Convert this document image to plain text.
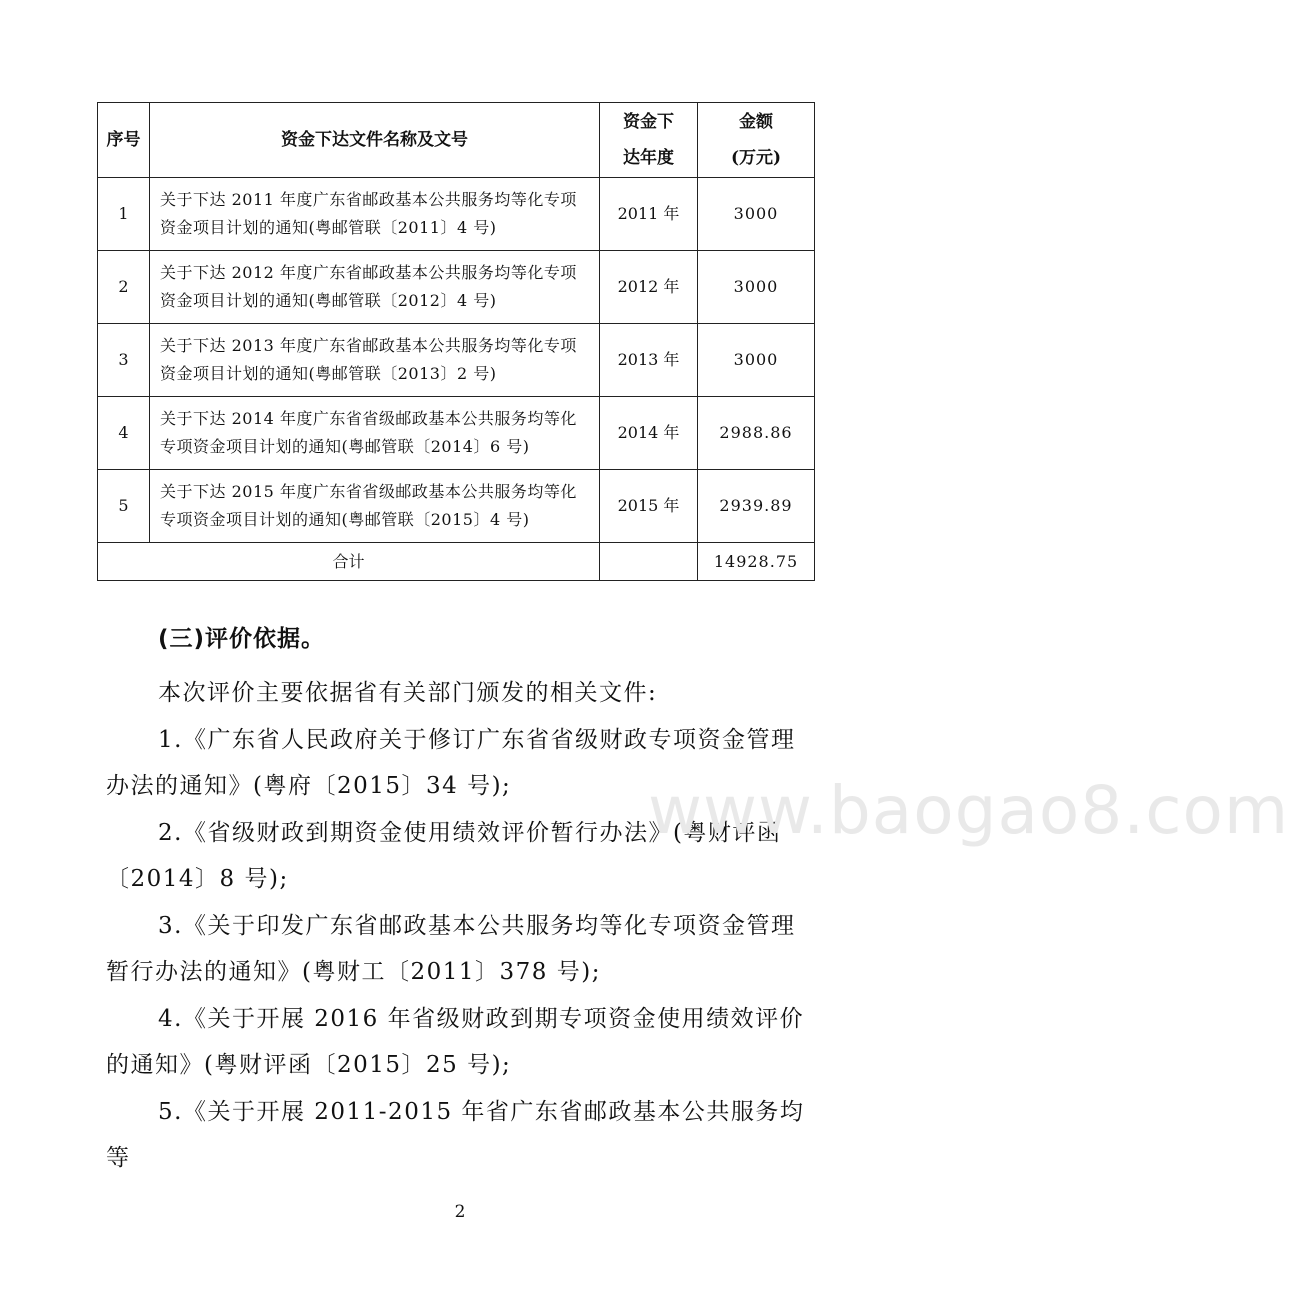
序号	资金下达文件名称及文号	资金下达年度	金额
(万元)
1	关于下达 2011 年度广东省邮政基本公共服务均等化专项资金项目计划的通知(粤邮管联〔2011〕4 号)	2011 年	3000
2	关于下达 2012 年度广东省邮政基本公共服务均等化专项资金项目计划的通知(粤邮管联〔2012〕4 号)	2012 年	3000
3	关于下达 2013 年度广东省邮政基本公共服务均等化专项资金项目计划的通知(粤邮管联〔2013〕2 号)	2013 年	3000
4	关于下达 2014 年度广东省省级邮政基本公共服务均等化专项资金项目计划的通知(粤邮管联〔2014〕6 号)	2014 年	2988.86
5	关于下达 2015 年度广东省省级邮政基本公共服务均等化专项资金项目计划的通知(粤邮管联〔2015〕4 号)	2015 年	2939.89
合计			14928.75
(三)评价依据。

本次评价主要依据省有关部门颁发的相关文件:

1.《广东省人民政府关于修订广东省省级财政专项资金管理办法的通知》(粤府〔2015〕34 号);

2.《省级财政到期资金使用绩效评价暂行办法》(粤财评函〔2014〕8 号);

3.《关于印发广东省邮政基本公共服务均等化专项资金管理暂行办法的通知》(粤财工〔2011〕378 号);

4.《关于开展 2016 年省级财政到期专项资金使用绩效评价的通知》(粤财评函〔2015〕25 号);

5.《关于开展 2011-2015 年省广东省邮政基本公共服务均等

www.baogao8.com
2
